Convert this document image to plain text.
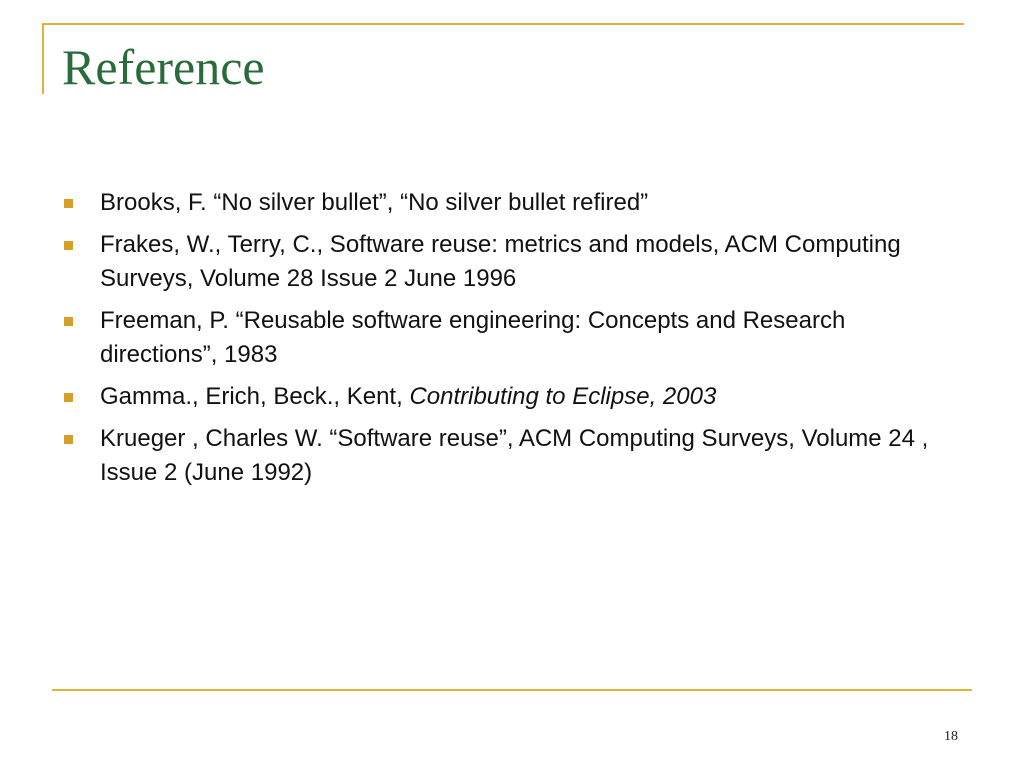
Reference
Brooks, F. “No silver bullet”, “No silver bullet refired”
Frakes, W., Terry, C., Software reuse: metrics and models, ACM Computing Surveys, Volume 28 Issue 2 June 1996
Freeman, P. “Reusable software engineering: Concepts and Research directions”, 1983
Gamma., Erich, Beck., Kent, Contributing to Eclipse, 2003
Krueger , Charles W. “Software reuse”, ACM Computing Surveys, Volume 24 , Issue 2 (June 1992)
18
